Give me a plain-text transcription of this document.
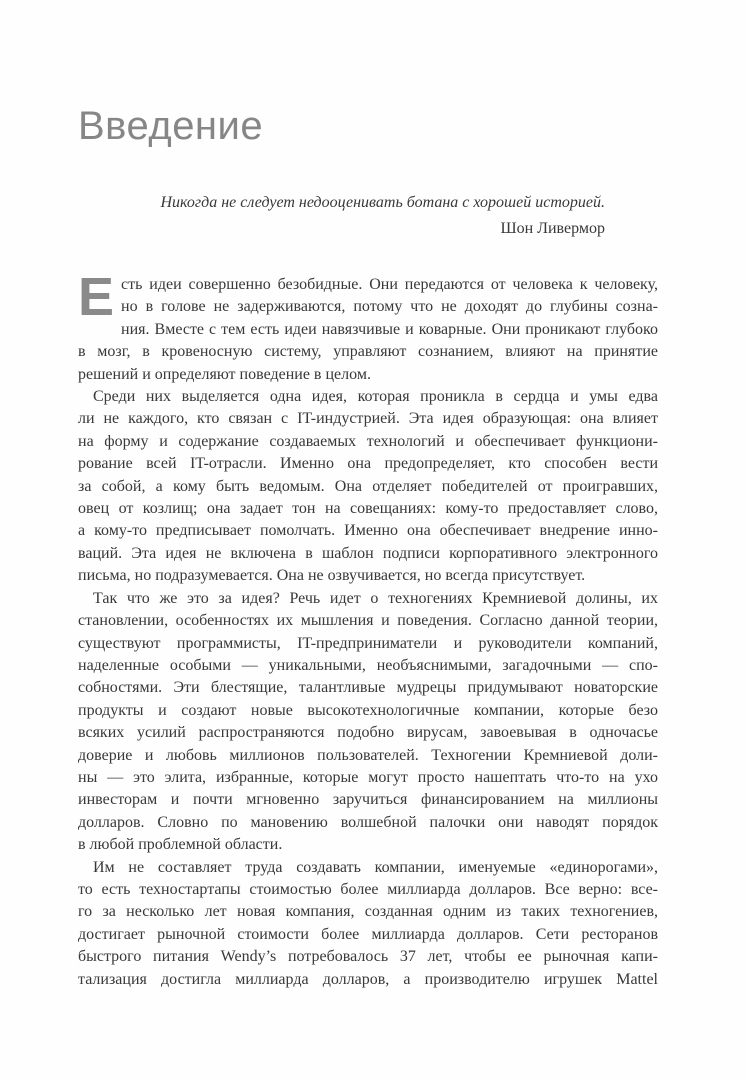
Введение
Никогда не следует недооценивать ботана с хорошей историей.
Шон Ливермор
Е сть идеи совершенно безобидные. Они передаются от человека к человеку,
но в голове не задерживаются, потому что не доходят до глубины созна-
ния. Вместе с тем есть идеи навязчивые и коварные. Они проникают глубоко
в мозг, в кровеносную систему, управляют сознанием, влияют на принятие
решений и определяют поведение в целом.
Среди них выделяется одна идея, которая проникла в сердца и умы едва
ли не каждого, кто связан с IT-индустрией. Эта идея образующая: она влияет
на форму и содержание создаваемых технологий и обеспечивает функциони-
рование всей IT-отрасли. Именно она предопределяет, кто способен вести
за собой, а кому быть ведомым. Она отделяет победителей от проигравших,
овец от козлищ; она задает тон на совещаниях: кому-то предоставляет слово,
а кому-то предписывает помолчать. Именно она обеспечивает внедрение инно-
ваций. Эта идея не включена в шаблон подписи корпоративного электронного
письма, но подразумевается. Она не озвучивается, но всегда присутствует.
Так что же это за идея? Речь идет о техногениях Кремниевой долины, их
становлении, особенностях их мышления и поведения. Согласно данной теории,
существуют программисты, IT-предприниматели и руководители компаний,
наделенные особыми — уникальными, необъяснимыми, загадочными — спо-
собностями. Эти блестящие, талантливые мудрецы придумывают новаторские
продукты и создают новые высокотехнологичные компании, которые безо
всяких усилий распространяются подобно вирусам, завоевывая в одночасье
доверие и любовь миллионов пользователей. Техногении Кремниевой доли-
ны — это элита, избранные, которые могут просто нашептать что-то на ухо
инвесторам и почти мгновенно заручиться финансированием на миллионы
долларов. Словно по мановению волшебной палочки они наводят порядок
в любой проблемной области.
Им не составляет труда создавать компании, именуемые «единорогами»,
то есть техностартапы стоимостью более миллиарда долларов. Все верно: все-
го за несколько лет новая компания, созданная одним из таких техногениев,
достигает рыночной стоимости более миллиарда долларов. Сети ресторанов
быстрого питания Wendy’s потребовалось 37 лет, чтобы ее рыночная капи-
тализация достигла миллиарда долларов, а производителю игрушек Mattel
